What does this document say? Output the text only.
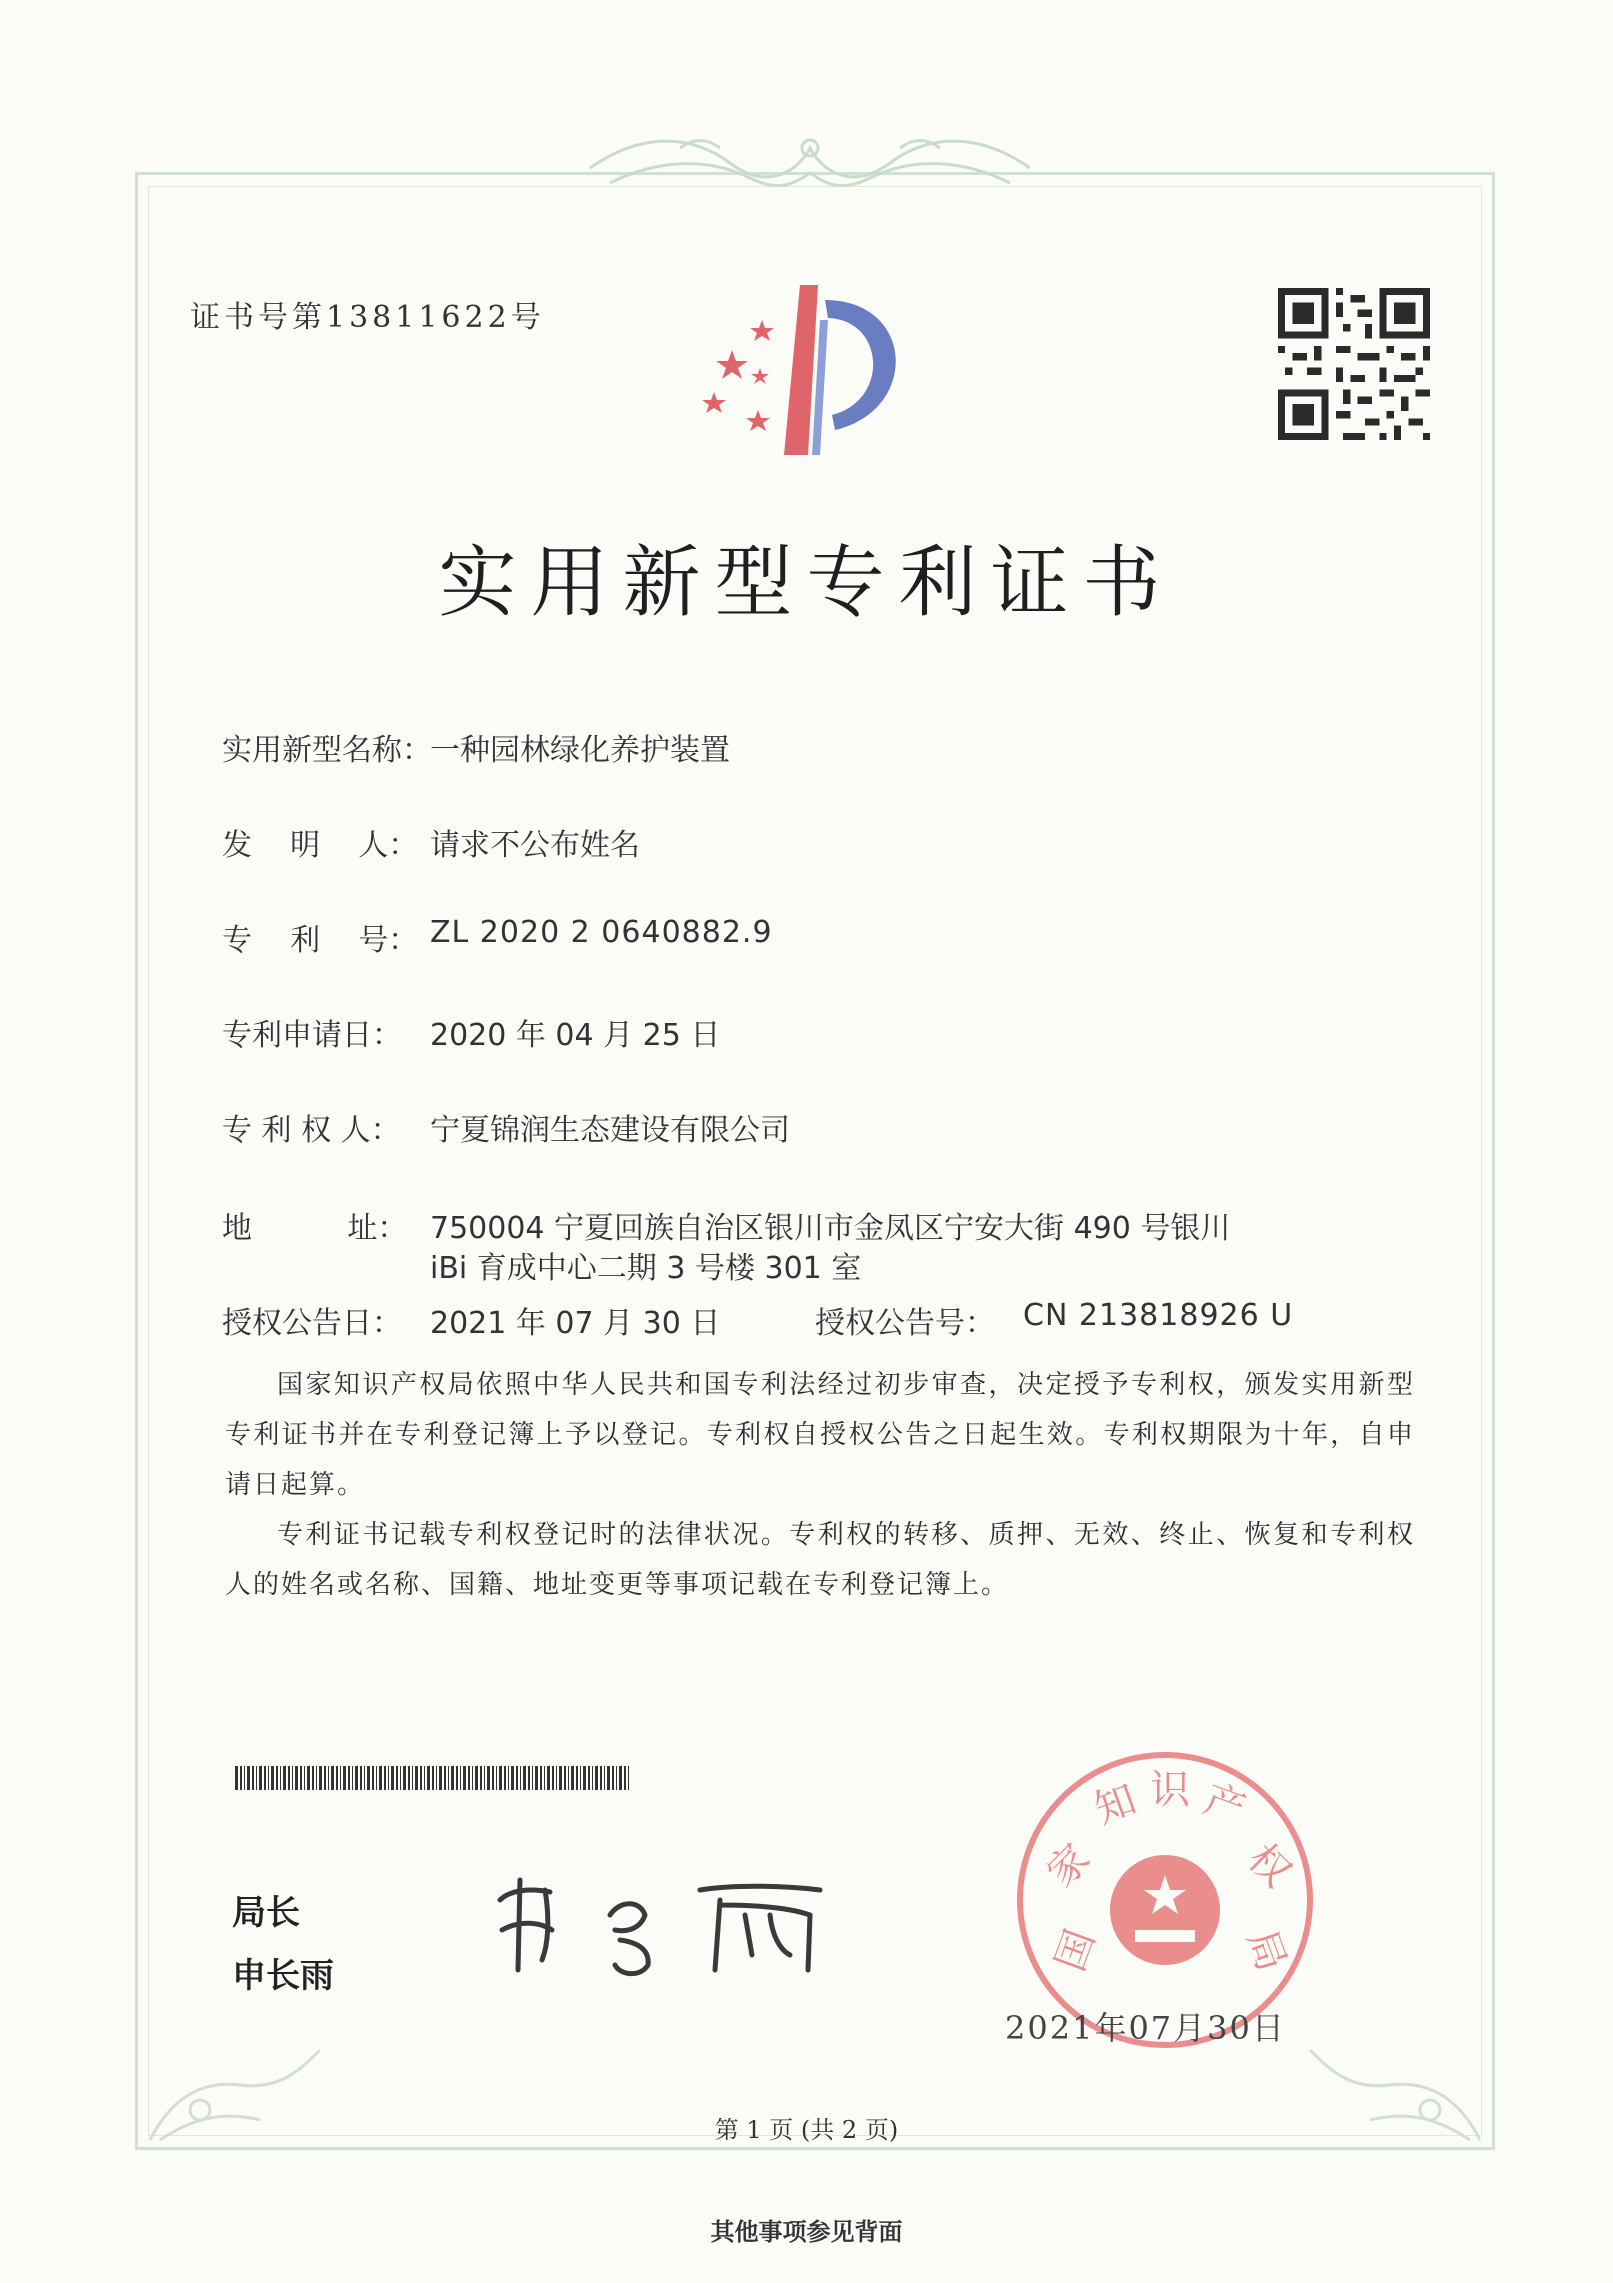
证书号第13811622号
实用新型专利证书
实用新型名称：
一种园林绿化养护装置
发    明    人： 请求不公布姓名
专    利    号： ZL 2020 2 0640882.9
专利申请日： 2020 年 04 月 25 日
专 利 权 人： 宁夏锦润生态建设有限公司
地          址： 750004 宁夏回族自治区银川市金凤区宁安大街 490 号银川
iBi 育成中心二期 3 号楼 301 室
授权公告日： 2021 年 07 月 30 日	授权公告号： CN 213818926 U

国家知识产权局依照中华人民共和国专利法经过初步审查，决定授予专利权，颁发实用新型专利证书并在专利登记簿上予以登记。专利权自授权公告之日起生效。专利权期限为十年，自申请日起算。

专利证书记载专利权登记时的法律状况。专利权的转移、质押、无效、终止、恢复和专利权人的姓名或名称、国籍、地址变更等事项记载在专利登记簿上。

局长
申长雨	国
家
知 识 产
权
局
2021年07月30日
第 1 页 (共 2 页)
其他事项参见背面
